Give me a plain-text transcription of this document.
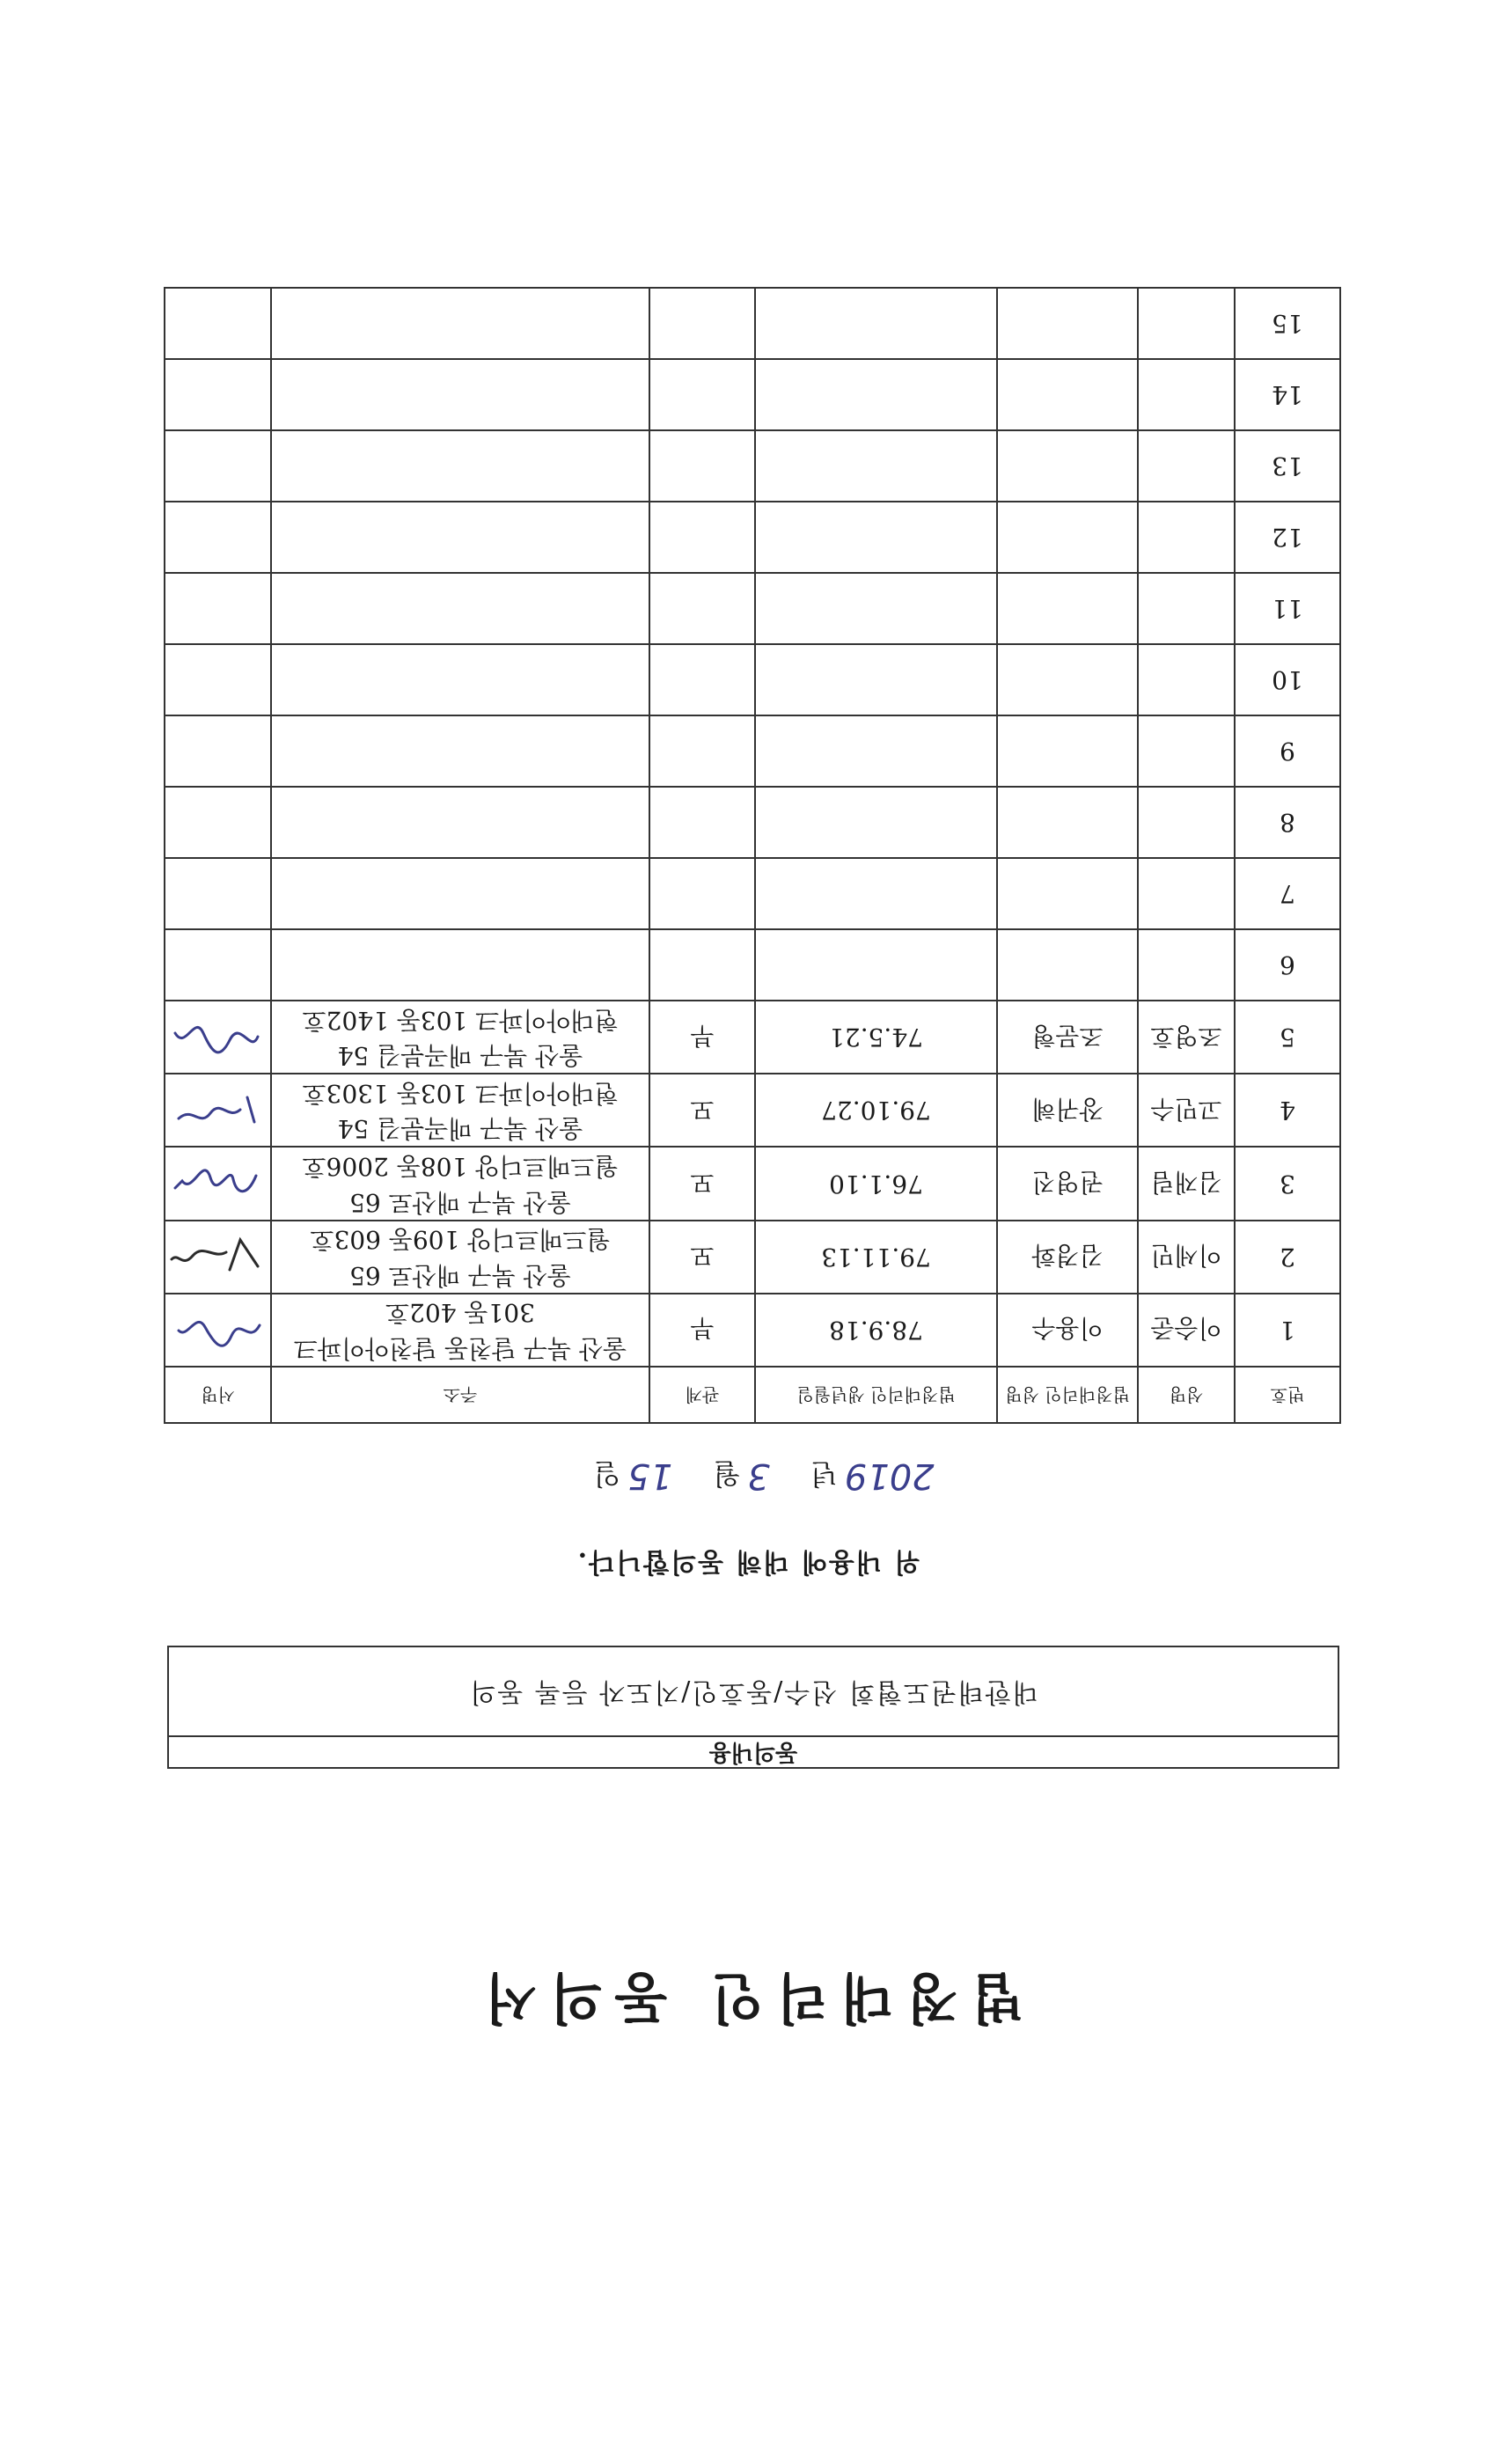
법정대리인 동의서
동의내용
대한태권도협회 선수/동호인/지도자 등록 동의
위 내용에 대해 동의합니다.
2019년 3월 15일
번호	성명	법정대리인 성명	법정대리인 생년월일	관계	주소	서명
1	이승준	이용수	78.9.18	부	울산 북구 달천동 달천아이파크
301동 402호

2	이세민	김경화	79.11.13	모	울산 북구 매산로 65
월드메르디앙 109동 603호

3	김재림	권영진	76.1.10	모	울산 북구 매산로 65
월드메르디앙 108동 2006호

4	고민수	장귀혜	79.10.27	모	울산 북구 매곡분길 54
현대아이파크 103동 1303호

5	조영호	조문형	74.5.21	부	울산 북구 매곡분길 54
현대아이파크 103동 1402호

6					

7					

8					

9					

10					

11					

12					

13					

14					

15					
